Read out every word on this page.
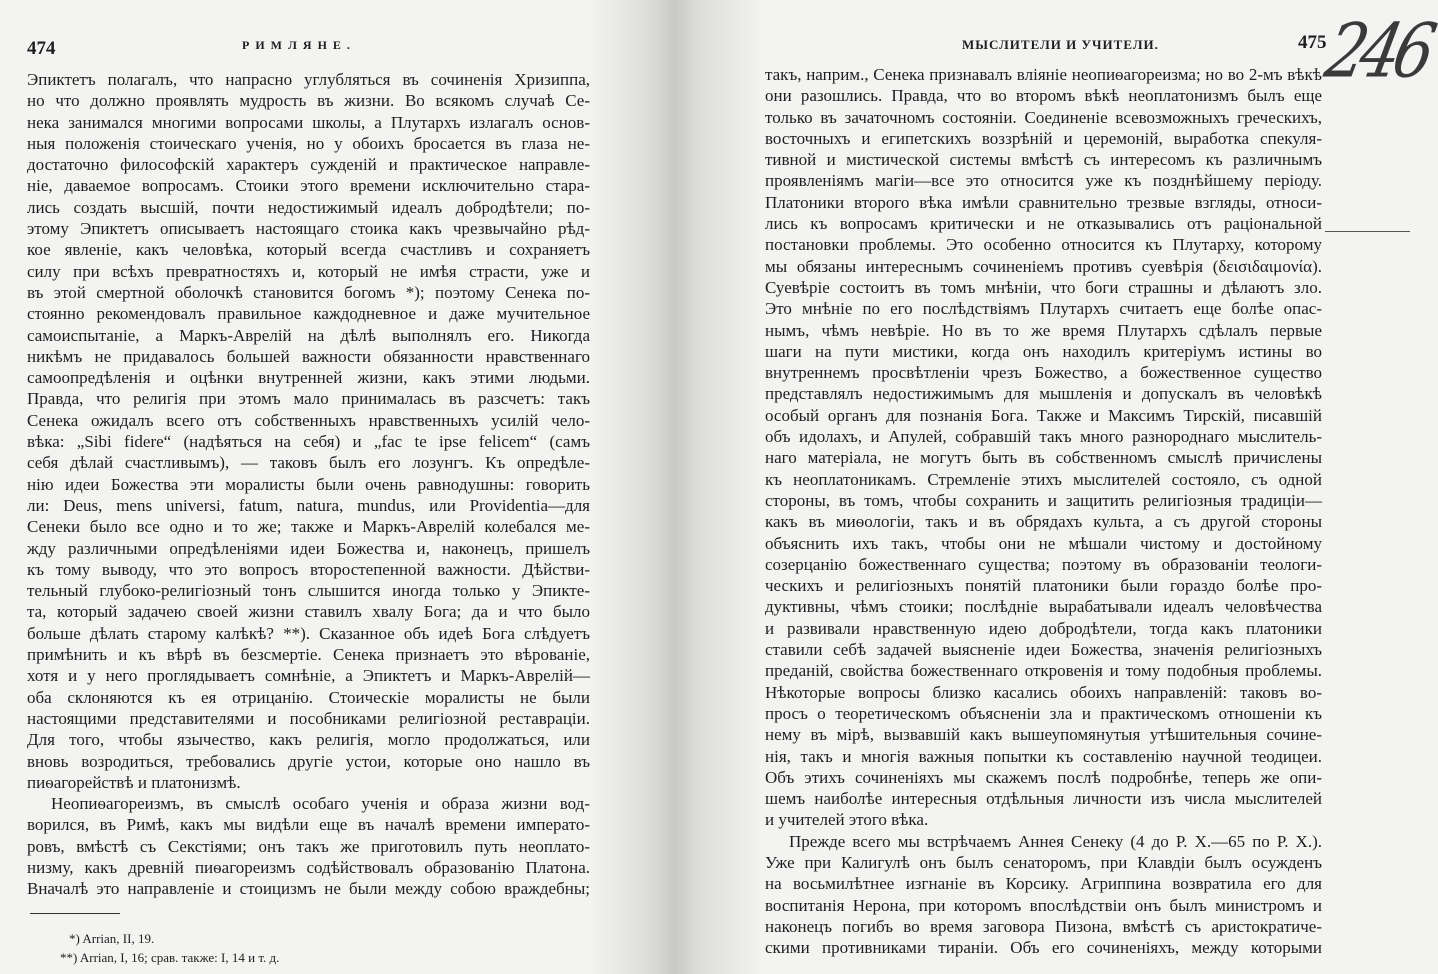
474	РИМЛЯНЕ.
Эпиктетъ полагалъ, что напрасно углубляться въ сочиненія Хризиппа,
но что должно проявлять мудрость въ жизни. Во всякомъ случаѣ Се-
нека занимался многими вопросами школы, а Плутархъ излагалъ основ-
ныя положенія стоическаго ученія, но у обоихъ бросается въ глаза не-
достаточно философскій характеръ сужденій и практическое направле-
ніе, даваемое вопросамъ. Стоики этого времени исключительно стара-
лись создать высшій, почти недостижимый идеалъ добродѣтели; по-
этому Эпиктетъ описываетъ настоящаго стоика какъ чрезвычайно рѣд-
кое явленіе, какъ человѣка, который всегда счастливъ и сохраняетъ
силу при всѣхъ превратностяхъ и, который не имѣя страсти, уже и
въ этой смертной оболочкѣ становится богомъ *); поэтому Сенека по-
стоянно рекомендовалъ правильное каждодневное и даже мучительное
самоиспытаніе, а Маркъ-Аврелій на дѣлѣ выполнялъ его. Никогда
никѣмъ не придавалось большей важности обязанности нравственнаго
самоопредѣленія и оцѣнки внутренней жизни, какъ этими людьми.
Правда, что религія при этомъ мало принималась въ разсчетъ: такъ
Сенека ожидалъ всего отъ собственныхъ нравственныхъ усилій чело-
вѣка: „Sibi fidere“ (надѣяться на себя) и „fac te ipse felicem“ (самъ
себя дѣлай счастливымъ), — таковъ былъ его лозунгъ. Къ опредѣле-
нію идеи Божества эти моралисты были очень равнодушны: говорить
ли: Deus, mens universi, fatum, natura, mundus, или Providentia—для
Сенеки было все одно и то же; также и Маркъ-Аврелій колебался ме-
жду различными опредѣленіями идеи Божества и, наконецъ, пришелъ
къ тому выводу, что это вопросъ второстепенной важности. Дѣйстви-
тельный глубоко-религіозный тонъ слышится иногда только у Эпикте-
та, который задачею своей жизни ставилъ хвалу Бога; да и что было
больше дѣлать старому калѣкѣ? **). Сказанное объ идеѣ Бога слѣдуетъ
примѣнить и къ вѣрѣ въ безсмертіе. Сенека признаетъ это вѣрованіе,
хотя и у него проглядываетъ сомнѣніе, а Эпиктетъ и Маркъ-Аврелій—
оба склоняются къ ея отрицанію. Стоическіе моралисты не были
настоящими представителями и пособниками религіозной реставраціи.
Для того, чтобы язычество, какъ религія, могло продолжаться, или
вновь возродиться, требовались другіе устои, которые оно нашло въ
пиѳагорействѣ и платонизмѣ.
Неопиѳагореизмъ, въ смыслѣ особаго ученія и образа жизни вод-
ворился, въ Римѣ, какъ мы видѣли еще въ началѣ времени императо-
ровъ, вмѣстѣ съ Секстіями; онъ такъ же приготовилъ путь неоплато-
низму, какъ древній пиѳагореизмъ содѣйствовалъ образованію Платона.
Вначалѣ это направленіе и стоицизмъ не были между собою враждебны;
*) Arrian, II, 19.
**) Arrian, I, 16; срав. также: I, 14 и т. д.
МЫСЛИТЕЛИ И УЧИТЕЛИ.	475
такъ, наприм., Сенека признавалъ вліяніе неопиѳагореизма; но во 2-мъ вѣкѣ
они разошлись. Правда, что во второмъ вѣкѣ неоплатонизмъ былъ еще
только въ зачаточномъ состояніи. Соединеніе всевозможныхъ греческихъ,
восточныхъ и египетскихъ воззрѣній и церемоній, выработка спекуля-
тивной и мистической системы вмѣстѣ съ интересомъ къ различнымъ
проявленіямъ магіи—все это относится уже къ позднѣйшему періоду.
Платоники второго вѣка имѣли сравнительно трезвые взгляды, относи-
лись къ вопросамъ критически и не отказывались отъ раціональной
постановки проблемы. Это особенно относится къ Плутарху, которому
мы обязаны интереснымъ сочиненіемъ противъ суевѣрія (δεισιδαιμονία).
Суевѣріе состоитъ въ томъ мнѣніи, что боги страшны и дѣлаютъ зло.
Это мнѣніе по его послѣдствіямъ Плутархъ считаетъ еще болѣе опас-
нымъ, чѣмъ невѣріе. Но въ то же время Плутархъ сдѣлалъ первые
шаги на пути мистики, когда онъ находилъ критеріумъ истины во
внутреннемъ просвѣтленіи чрезъ Божество, а божественное существо
представлялъ недостижимымъ для мышленія и допускалъ въ человѣкѣ
особый органъ для познанія Бога. Также и Максимъ Тирскій, писавшій
объ идолахъ, и Апулей, собравшій такъ много разнороднаго мыслитель-
наго матеріала, не могутъ быть въ собственномъ смыслѣ причислены
къ неоплатоникамъ. Стремленіе этихъ мыслителей состояло, съ одной
стороны, въ томъ, чтобы сохранить и защитить религіозныя традиціи—
какъ въ миѳологіи, такъ и въ обрядахъ культа, а съ другой стороны
объяснить ихъ такъ, чтобы они не мѣшали чистому и достойному
созерцанію божественнаго существа; поэтому въ образованіи теологи-
ческихъ и религіозныхъ понятій платоники были гораздо болѣе про-
дуктивны, чѣмъ стоики; послѣдніе вырабатывали идеалъ человѣчества
и развивали нравственную идею добродѣтели, тогда какъ платоники
ставили себѣ задачей выясненіе идеи Божества, значенія религіозныхъ
преданій, свойства божественнаго откровенія и тому подобныя проблемы.
Нѣкоторые вопросы близко касались обоихъ направленій: таковъ во-
просъ о теоретическомъ объясненіи зла и практическомъ отношеніи къ
нему въ мірѣ, вызвавшій какъ вышеупомянутыя утѣшительныя сочине-
нія, такъ и многія важныя попытки къ составленію научной теодицеи.
Объ этихъ сочиненіяхъ мы скажемъ послѣ подробнѣе, теперь же опи-
шемъ наиболѣе интересныя отдѣльныя личности изъ числа мыслителей
и учителей этого вѣка.
Прежде всего мы встрѣчаемъ Аннея Сенеку (4 до Р. Х.—65 по Р. Х.).
Уже при Калигулѣ онъ былъ сенаторомъ, при Клавдіи былъ осужденъ
на восьмилѣтнее изгнаніе въ Корсику. Агриппина возвратила его для
воспитанія Нерона, при которомъ впослѣдствіи онъ былъ министромъ и
наконецъ погибъ во время заговора Пизона, вмѣстѣ съ аристократиче-
скими противниками тираніи. Объ его сочиненіяхъ, между которыми
246
